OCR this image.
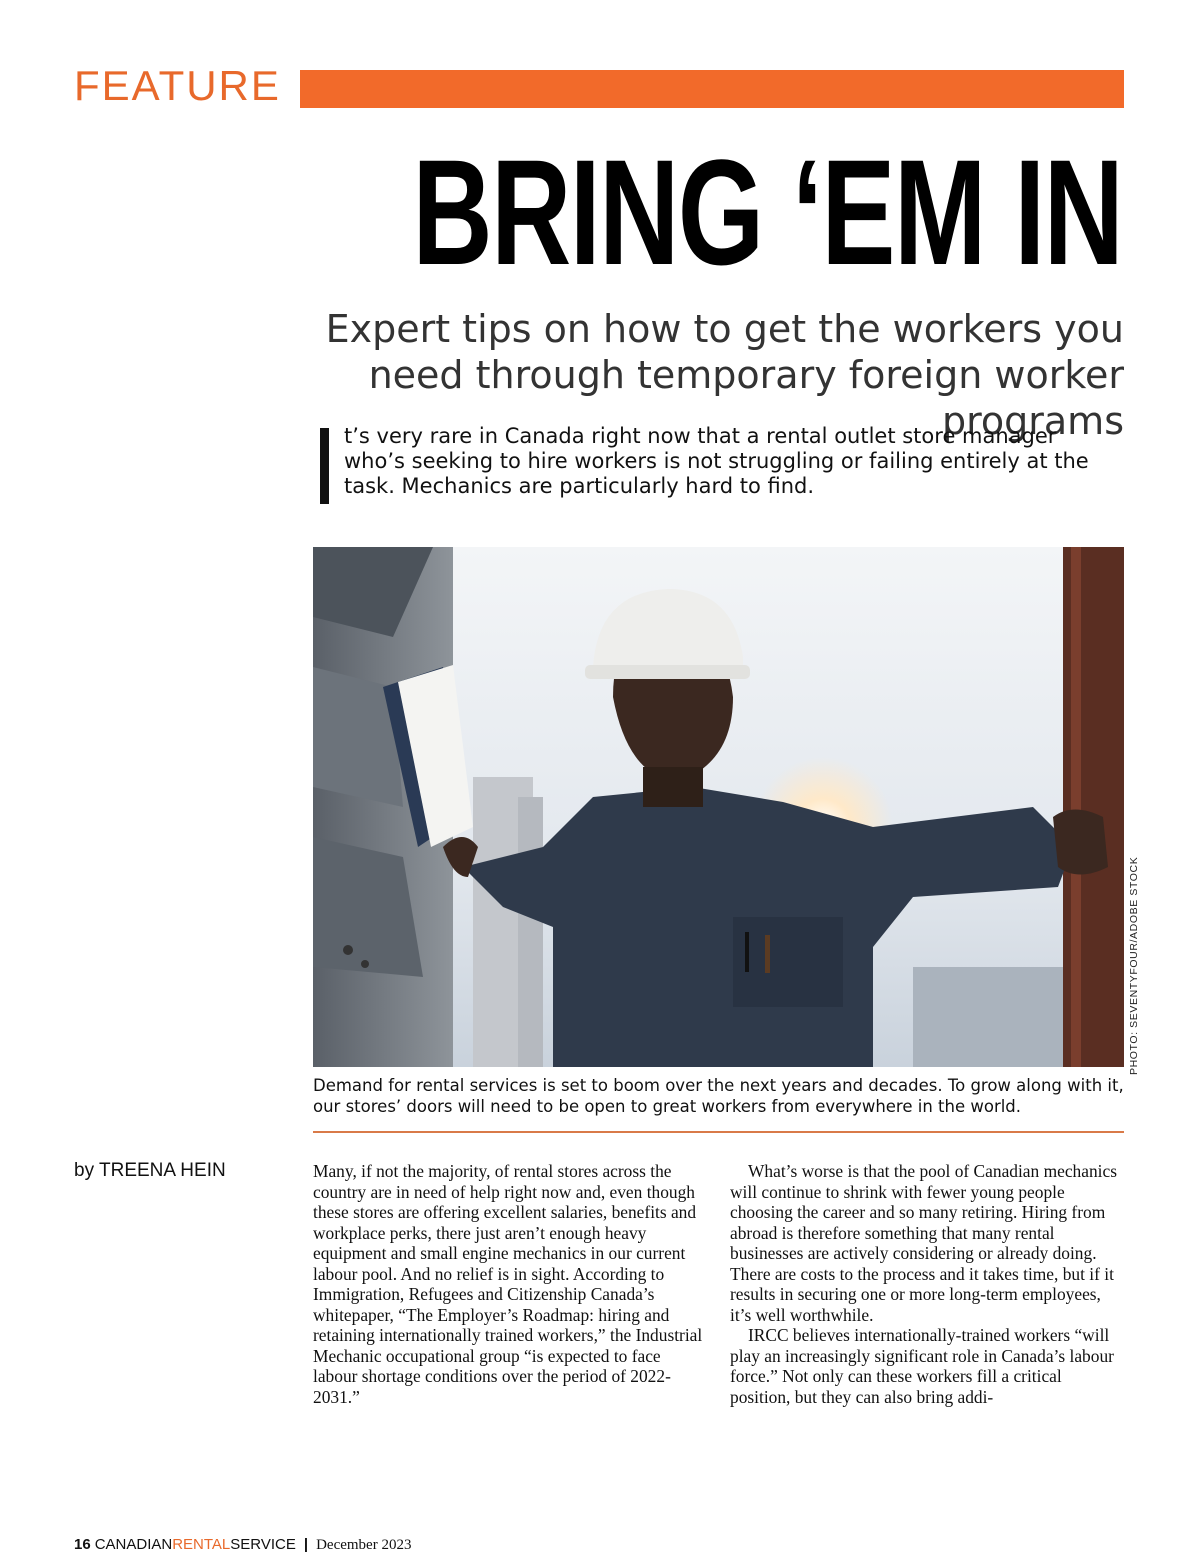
FEATURE
BRING ‘EM IN
Expert tips on how to get the workers you need through temporary foreign worker programs
t’s very rare in Canada right now that a rental outlet store manager who’s seeking to hire workers is not struggling or failing entirely at the task. Mechanics are particularly hard to find.
PHOTO: SEVENTYFOUR/ADOBE STOCK
Demand for rental services is set to boom over the next years and decades. To grow along with it, our stores’ doors will need to be open to great workers from everywhere in the world.
by TREENA HEIN	Many, if not the majority, of rental stores across the country are in need of help right now and, even though these stores are offering excellent salaries, benefits and workplace perks, there just aren’t enough heavy equipment and small engine mechanics in our current labour pool. And no relief is in sight. According to Immigration, Refugees and Citizenship Canada’s whitepaper, “The Employer’s Roadmap: hiring and retaining internationally trained workers,” the Industrial Mechanic occupational group “is expected to face labour shortage conditions over the period of 2022-2031.”

What’s worse is that the pool of Canadian mechanics will continue to shrink with fewer young people choosing the career and so many retiring. Hiring from abroad is therefore something that many rental businesses are actively considering or already doing. There are costs to the process and it takes time, but if it results in securing one or more long-term employees, it’s well worthwhile.

IRCC believes internationally-trained workers “will play an increasingly significant role in Canada’s labour force.” Not only can these workers fill a critical position, but they can also bring addi-

16 CANADIANRENTALSERVICE | December 2023
